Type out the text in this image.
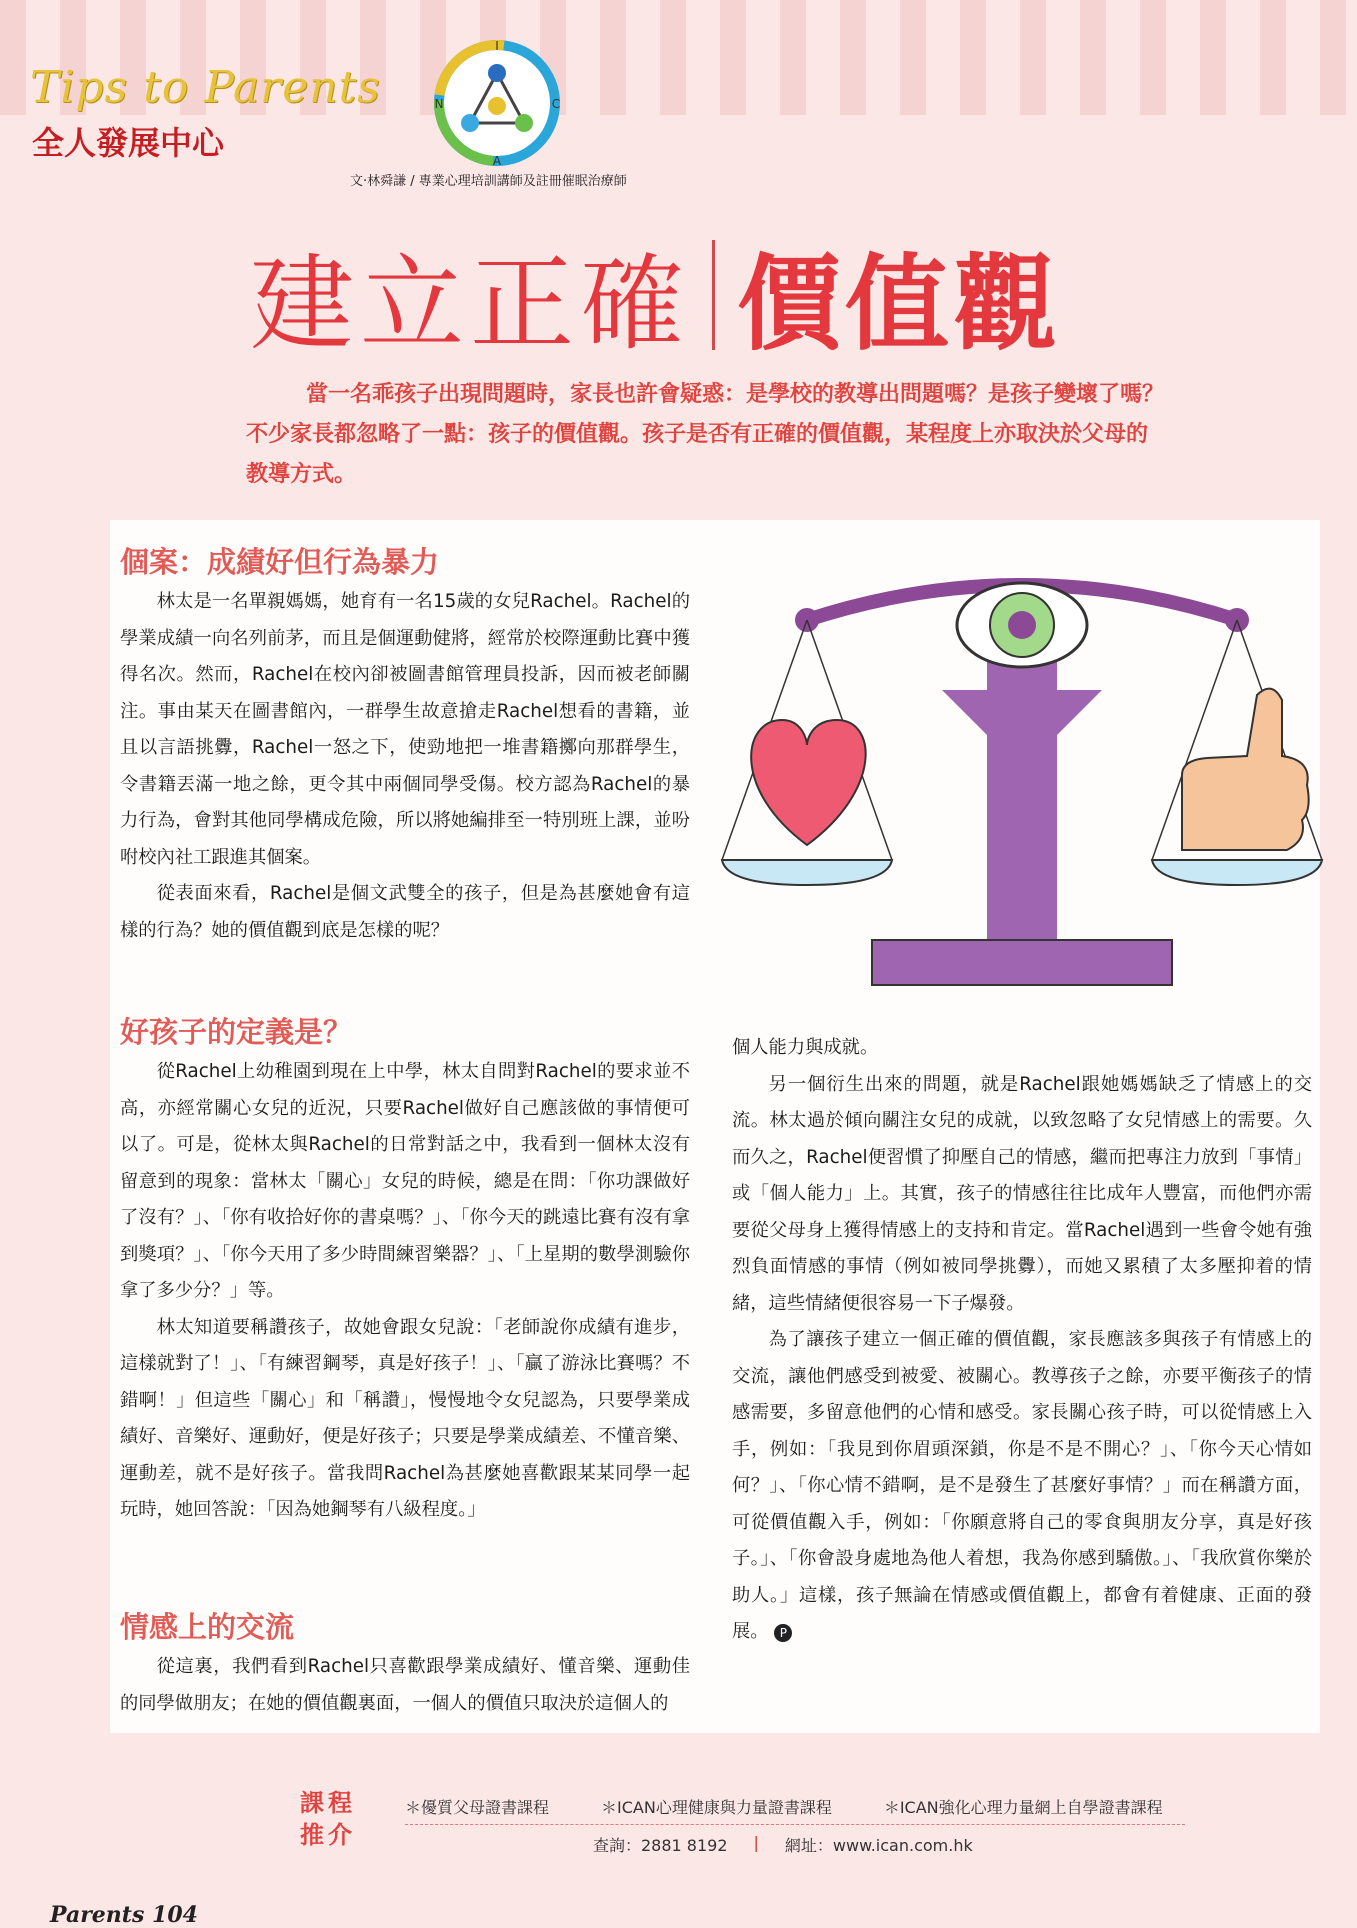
Tips to Parents
全人發展中心
I
C
A
N
文‧林舜謙 / 專業心理培訓講師及註冊催眠治療師
建立正確 價值觀
當一名乖孩子出現問題時，家長也許會疑惑：是學校的教導出問題嗎？是孩子變壞了嗎？不少家長都忽略了一點：孩子的價值觀。孩子是否有正確的價值觀，某程度上亦取決於父母的教導方式。
個案：成績好但行為暴力

林太是一名單親媽媽，她育有一名15歲的女兒Rachel。Rachel的學業成績一向名列前茅，而且是個運動健將，經常於校際運動比賽中獲得名次。然而，Rachel在校內卻被圖書館管理員投訴，因而被老師關注。事由某天在圖書館內，一群學生故意搶走Rachel想看的書籍，並且以言語挑釁，Rachel一怒之下，使勁地把一堆書籍擲向那群學生，令書籍丟滿一地之餘，更令其中兩個同學受傷。校方認為Rachel的暴力行為，會對其他同學構成危險，所以將她編排至一特別班上課，並吩咐校內社工跟進其個案。

從表面來看，Rachel是個文武雙全的孩子，但是為甚麼她會有這樣的行為？她的價值觀到底是怎樣的呢？

好孩子的定義是？

從Rachel上幼稚園到現在上中學，林太自問對Rachel的要求並不高，亦經常關心女兒的近況，只要Rachel做好自己應該做的事情便可以了。可是，從林太與Rachel的日常對話之中，我看到一個林太沒有留意到的現象：當林太「關心」女兒的時候，總是在問：「你功課做好了沒有？」、「你有收拾好你的書桌嗎？」、「你今天的跳遠比賽有沒有拿到獎項？」、「你今天用了多少時間練習樂器？」、「上星期的數學測驗你拿了多少分？」等。

林太知道要稱讚孩子，故她會跟女兒說：「老師說你成績有進步，這樣就對了！」、「有練習鋼琴，真是好孩子！」、「贏了游泳比賽嗎？不錯啊！」但這些「關心」和「稱讚」，慢慢地令女兒認為，只要學業成績好、音樂好、運動好，便是好孩子；只要是學業成績差、不懂音樂、運動差，就不是好孩子。當我問Rachel為甚麼她喜歡跟某某同學一起玩時，她回答說：「因為她鋼琴有八級程度。」

情感上的交流

從這裏，我們看到Rachel只喜歡跟學業成績好、懂音樂、運動佳的同學做朋友；在她的價值觀裏面，一個人的價值只取決於這個人的

個人能力與成就。

另一個衍生出來的問題，就是Rachel跟她媽媽缺乏了情感上的交流。林太過於傾向關注女兒的成就，以致忽略了女兒情感上的需要。久而久之，Rachel便習慣了抑壓自己的情感，繼而把專注力放到「事情」或「個人能力」上。其實，孩子的情感往往比成年人豐富，而他們亦需要從父母身上獲得情感上的支持和肯定。當Rachel遇到一些會令她有強烈負面情感的事情（例如被同學挑釁），而她又累積了太多壓抑着的情緒，這些情緒便很容易一下子爆發。

為了讓孩子建立一個正確的價值觀，家長應該多與孩子有情感上的交流，讓他們感受到被愛、被關心。教導孩子之餘，亦要平衡孩子的情感需要，多留意他們的心情和感受。家長關心孩子時，可以從情感上入手，例如：「我見到你眉頭深鎖，你是不是不開心？」、「你今天心情如何？」、「你心情不錯啊，是不是發生了甚麼好事情？」而在稱讚方面，可從價值觀入手，例如：「你願意將自己的零食與朋友分享，真是好孩子。」、「你會設身處地為他人着想，我為你感到驕傲。」、「我欣賞你樂於助人。」這樣，孩子無論在情感或價值觀上，都會有着健康、正面的發展。 P

課程
推介
＊優質父母證書課程	＊ICAN心理健康與力量證書課程	＊ICAN強化心理力量網上自學證書課程
查詢：2881 8192 | 網址：www.ican.com.hk
Parents 104
